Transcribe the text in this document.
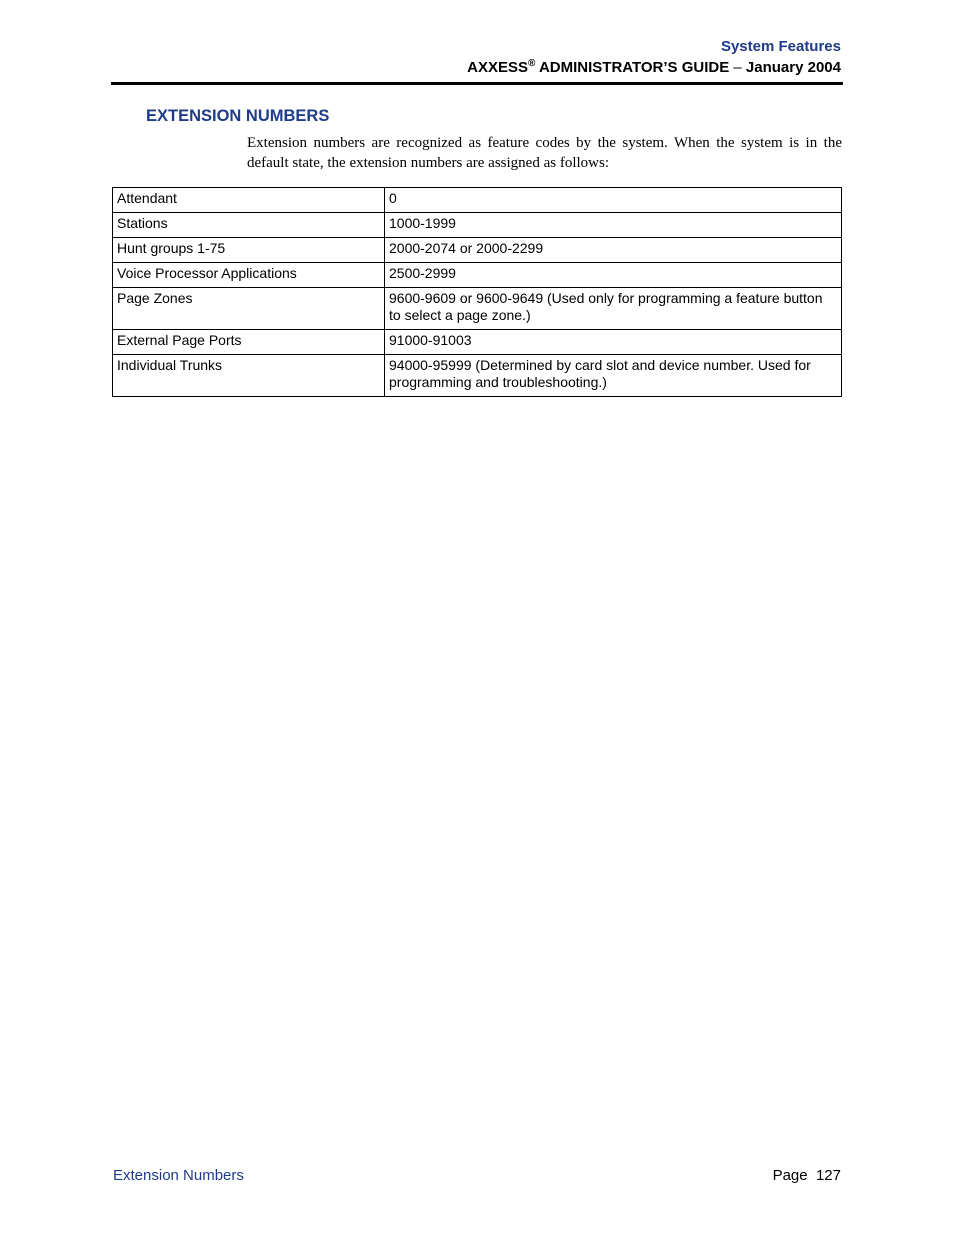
System Features
AXXESS® ADMINISTRATOR’S GUIDE – January 2004
EXTENSION NUMBERS

Extension numbers are recognized as feature codes by the system. When the system is in the default state, the extension numbers are assigned as follows:

Attendant	0
Stations	1000-1999
Hunt groups 1-75	2000-2074 or 2000-2299
Voice Processor Applications	2500-2999
Page Zones	9600-9609 or 9600-9649 (Used only for programming a feature button to select a page zone.)
External Page Ports	91000-91003
Individual Trunks	94000-95999 (Determined by card slot and device number. Used for programming and troubleshooting.)
Extension Numbers	Page 127
